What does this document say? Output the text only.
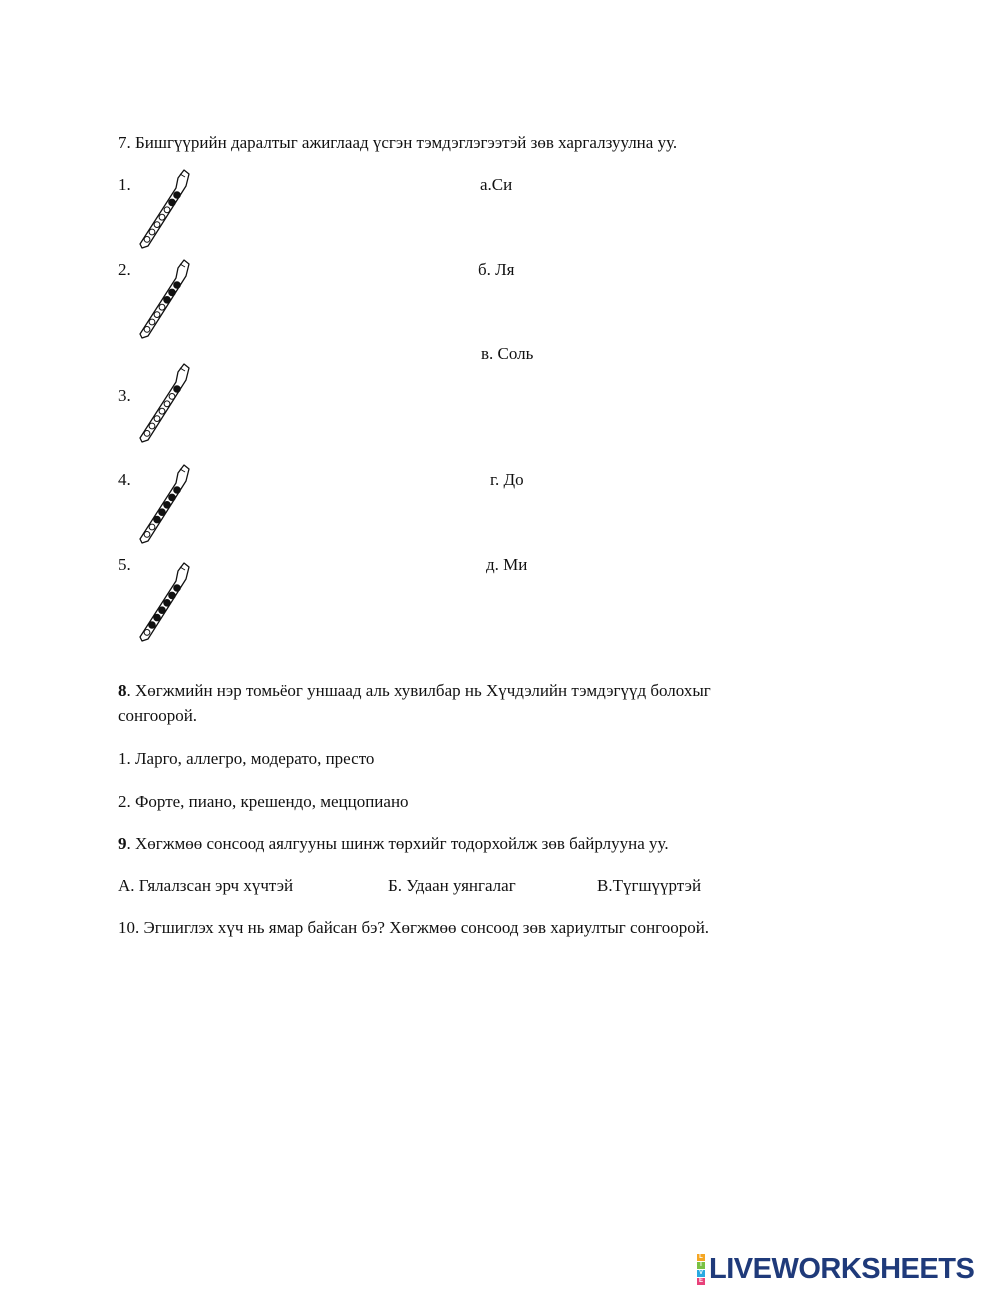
7. Бишгүүрийн даралтыг ажиглаад үсгэн тэмдэглэгээтэй зөв харгалзуулна уу.
1.
2.
3.
4.
5.
а.Си
б. Ля
в. Соль
г. До
д. Ми
8. Хөгжмийн нэр томьёог уншаад аль хувилбар нь Хүчдэлийн тэмдэгүүд болохыг
сонгоорой.
1. Ларго, аллегро, модерато, престо
2. Форте, пиано, крешендо, меццопиано
9. Хөгжмөө сонсоод аялгууны шинж төрхийг тодорхойлж зөв байрлууна уу.
А. Гялалзсан эрч хүчтэй	Б. Удаан уянгалаг	В.Түгшүүртэй
10. Эгшиглэх хүч нь ямар байсан бэ? Хөгжмөө сонсоод зөв хариултыг сонгоорой.
L
I
V
E LIVEWORKSHEETS
